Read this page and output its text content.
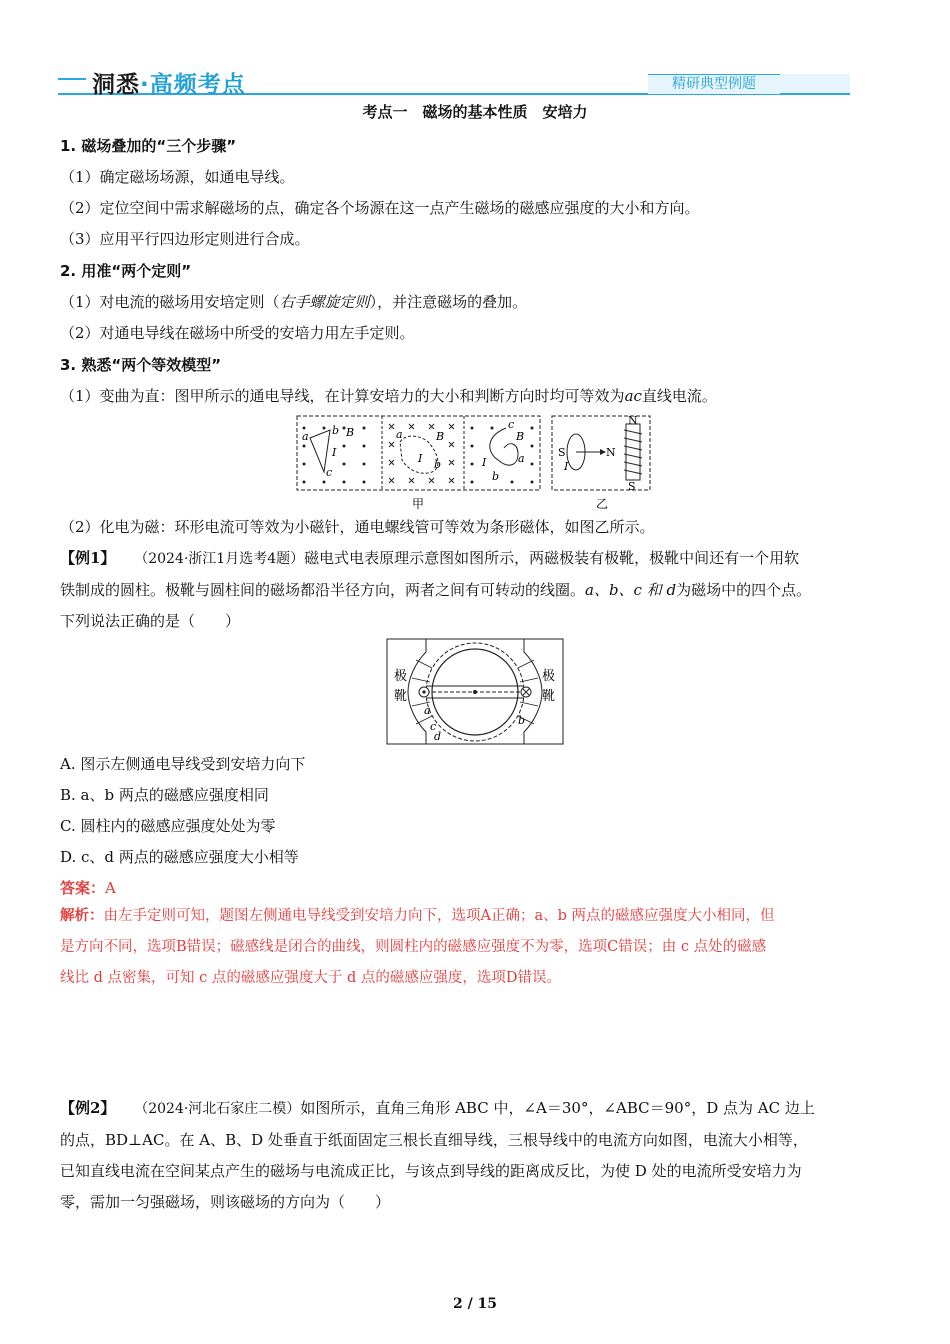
洞悉·高频考点	精研典型例题
考点一　磁场的基本性质　安培力
1. 磁场叠加的“三个步骤”
（1）确定磁场场源，如通电导线。
（2）定位空间中需求解磁场的点，确定各个场源在这一点产生磁场的磁感应强度的大小和方向。
（3）应用平行四边形定则进行合成。
2. 用准“两个定则”
（1）对电流的磁场用安培定则（右手螺旋定则），并注意磁场的叠加。
（2）对通电导线在磁场中所受的安培力用左手定则。
3. 熟悉“两个等效模型”
（1）变曲为直：图甲所示的通电导线，在计算安培力的大小和判断方向时均可等效为ac直线电流。
a b B
I
c
a	B
I b
c
B
I	a
b
甲
S	N
I
N
S
乙
（2）化电为磁：环形电流可等效为小磁针，通电螺线管可等效为条形磁体，如图乙所示。
【例1】 （2024·浙江1月选考4题）磁电式电表原理示意图如图所示，两磁极装有极靴，极靴中间还有一个用软
铁制成的圆柱。极靴与圆柱间的磁场都沿半径方向，两者之间有可转动的线圈。a、b、c 和 d为磁场中的四个点。
下列说法正确的是（　　）
极
靴
极
靴
a
b
c
d
A. 图示左侧通电导线受到安培力向下
B. a、b 两点的磁感应强度相同
C. 圆柱内的磁感应强度处处为零
D. c、d 两点的磁感应强度大小相等
答案：A
解析：由左手定则可知，题图左侧通电导线受到安培力向下，选项A正确；a、b 两点的磁感应强度大小相同，但
是方向不同，选项B错误；磁感线是闭合的曲线，则圆柱内的磁感应强度不为零，选项C错误；由 c 点处的磁感
线比 d 点密集，可知 c 点的磁感应强度大于 d 点的磁感应强度，选项D错误。
【例2】 （2024·河北石家庄二模）如图所示，直角三角形 ABC 中，∠A＝30°，∠ABC＝90°，D 点为 AC 边上
的点，BD⊥AC。在 A、B、D 处垂直于纸面固定三根长直细导线，三根导线中的电流方向如图，电流大小相等，
已知直线电流在空间某点产生的磁场与电流成正比，与该点到导线的距离成反比，为使 D 处的电流所受安培力为
零，需加一匀强磁场，则该磁场的方向为（　　）
2 / 15
